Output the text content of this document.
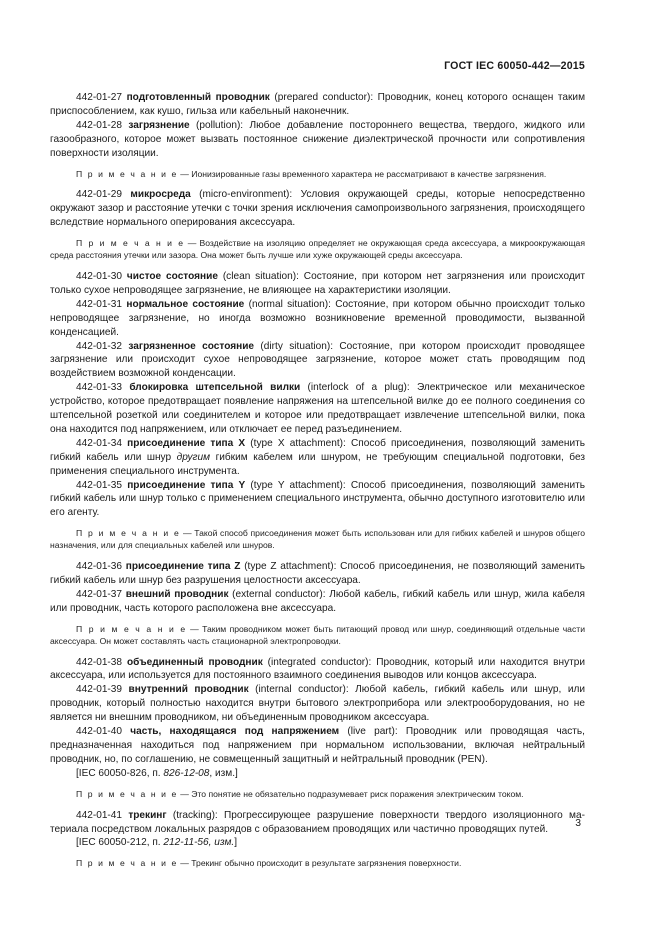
ГОСТ IEC 60050-442—2015

442-01-27 подготовленный проводник (prepared conductor): Проводник, конец которого оснащен таким приспособлением, как кушо, гильза или кабельный наконечник.

442-01-28 загрязнение (pollution): Любое добавление постороннего вещества, твердого, жидкого или газообразного, которое может вызвать постоянное снижение диэлектрической прочности или сопротивления поверхности изоляции.

П р и м е ч а н и е — Ионизированные газы временного характера не рассматривают в качестве загрязнения.

442-01-29 микросреда (micro-environment): Условия окружающей среды, которые непосредственно окружают зазор и расстояние утечки с точки зрения исключения самопроизвольного загрязнения, происходящего вследствие нормального оперирования аксессуара.

П р и м е ч а н и е — Воздействие на изоляцию определяет не окружающая среда аксессуара, а микроокружающая среда расстояния утечки или зазора. Она может быть лучше или хуже окружающей среды аксессуара.

442-01-30 чистое состояние (clean situation): Состояние, при котором нет загрязнения или происходит только сухое непроводящее загрязнение, не влияющее на характеристики изоляции.

442-01-31 нормальное состояние (normal situation): Состояние, при котором обычно происходит только непроводящее загрязнение, но иногда возможно возникновение временной проводимости, вызванной конденсацией.

442-01-32 загрязненное состояние (dirty situation): Состояние, при котором происходит проводящее загрязнение или происходит сухое непроводящее загрязнение, которое может стать проводящим под воздействием возможной конденсации.

442-01-33 блокировка штепсельной вилки (interlock of a plug): Электрическое или механическое устройство, которое предотвращает появление напряжения на штепсельной вилке до ее полного соединения со штепсельной розеткой или соединителем и которое или предотвращает извлечение штепсельной вилки, пока она находится под напряжением, или отключает ее перед разъединением.

442-01-34 присоединение типа X (type X attachment): Способ присоединения, позволяющий заменить гибкий кабель или шнур другим гибким кабелем или шнуром, не требующим специальной подготовки, без применения специального инструмента.

442-01-35 присоединение типа Y (type Y attachment): Способ присоединения, позволяющий заменить гибкий кабель или шнур только с применением специального инструмента, обычно доступного изготовителю или его агенту.

П р и м е ч а н и е — Такой способ присоединения может быть использован или для гибких кабелей и шнуров общего назначения, или для специальных кабелей или шнуров.

442-01-36 присоединение типа Z (type Z attachment): Способ присоединения, не позволяющий заменить гибкий кабель или шнур без разрушения целостности аксессуара.

442-01-37 внешний проводник (external conductor): Любой кабель, гибкий кабель или шнур, жила кабеля или проводник, часть которого расположена вне аксессуара.

П р и м е ч а н и е — Таким проводником может быть питающий провод или шнур, соединяющий отдельные части аксессуара. Он может составлять часть стационарной электропроводки.

442-01-38 объединенный проводник (integrated conductor): Проводник, который или находится внутри аксессуара, или используется для постоянного взаимного соединения выводов или концов аксессуара.

442-01-39 внутренний проводник (internal conductor): Любой кабель, гибкий кабель или шнур, или проводник, который полностью находится внутри бытового электроприбора или электрооборудования, но не является ни внешним проводником, ни объединенным проводником аксессуара.

442-01-40 часть, находящаяся под напряжением (live part): Проводник или проводящая часть, предназначенная находиться под напряжением при нормальном использовании, включая нейтральный проводник, но, по соглашению, не совмещенный защитный и нейтральный проводник (PEN).

[IEC 60050-826, п. 826-12-08, изм.]

П р и м е ч а н и е — Это понятие не обязательно подразумевает риск поражения электрическим током.

442-01-41 трекинг (tracking): Прогрессирующее разрушение поверхности твердого изоляционного материала посредством локальных разрядов с образованием проводящих или частично проводящих путей.

[IEC 60050-212, п. 212-11-56, изм.]

П р и м е ч а н и е — Трекинг обычно происходит в результате загрязнения поверхности.

3
